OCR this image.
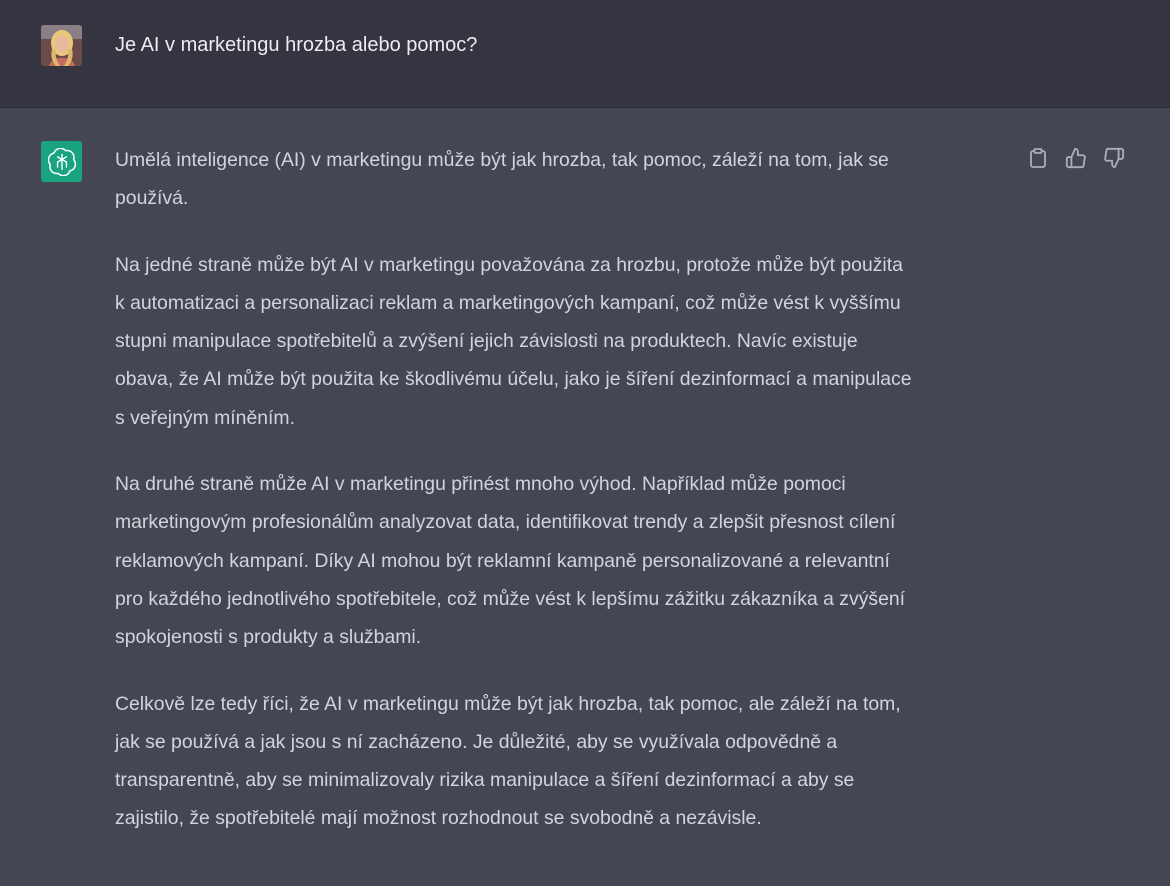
Je AI v marketingu hrozba alebo pomoc?

Umělá inteligence (AI) v marketingu může být jak hrozba, tak pomoc, záleží na tom, jak se
používá.

Na jedné straně může být AI v marketingu považována za hrozbu, protože může být použita
k automatizaci a personalizaci reklam a marketingových kampaní, což může vést k vyššímu
stupni manipulace spotřebitelů a zvýšení jejich závislosti na produktech. Navíc existuje
obava, že AI může být použita ke škodlivému účelu, jako je šíření dezinformací a manipulace
s veřejným míněním.

Na druhé straně může AI v marketingu přinést mnoho výhod. Například může pomoci
marketingovým profesionálům analyzovat data, identifikovat trendy a zlepšit přesnost cílení
reklamových kampaní. Díky AI mohou být reklamní kampaně personalizované a relevantní
pro každého jednotlivého spotřebitele, což může vést k lepšímu zážitku zákazníka a zvýšení
spokojenosti s produkty a službami.

Celkově lze tedy říci, že AI v marketingu může být jak hrozba, tak pomoc, ale záleží na tom,
jak se používá a jak jsou s ní zacházeno. Je důležité, aby se využívala odpovědně a
transparentně, aby se minimalizovaly rizika manipulace a šíření dezinformací a aby se
zajistilo, že spotřebitelé mají možnost rozhodnout se svobodně a nezávisle.
